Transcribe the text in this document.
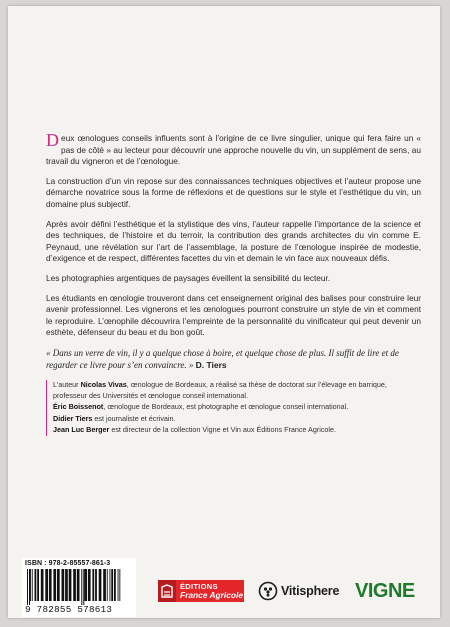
Deux œnologues conseils influents sont à l’origine de ce livre singulier, unique qui fera faire un « pas de côté » au lecteur pour découvrir une approche nouvelle du vin, un supplément de sens, au travail du vigneron et de l’œnologue.

La construction d’un vin repose sur des connaissances techniques objectives et l’auteur propose une démarche novatrice sous la forme de réflexions et de questions sur le style et l’esthétique du vin, un domaine plus subjectif.

Après avoir défini l’esthétique et la stylistique des vins, l’auteur rappelle l’importance de la science et des techniques, de l’histoire et du terroir, la contribution des grands architectes du vin comme E. Peynaud, une révélation sur l’art de l’assemblage, la posture de l’œnologue inspirée de modestie, d’exigence et de respect, différentes facettes du vin et demain le vin face aux nouveaux défis.

Les photographies argentiques de paysages éveillent la sensibilité du lecteur.

Les étudiants en œnologie trouveront dans cet enseignement original des balises pour construire leur avenir professionnel. Les vignerons et les œnologues pourront construire un style de vin et comment le reproduire. L’œnophile découvrira l’empreinte de la personnalité du vinificateur qui peut devenir un esthète, défenseur du beau et du bon goût.

« Dans un verre de vin, il y a quelque chose à boire, et quelque chose de plus. Il suffit de lire et de regarder ce livre pour s’en convaincre. » D. Tiers
L’auteur Nicolas Vivas, œnologue de Bordeaux, a réalisé sa thèse de doctorat sur l’élevage en barrique, professeur des Universités et œnologue conseil international.
Éric Boissenot, œnologue de Bordeaux, est photographe et œnologue conseil international.
Didier Tiers est journaliste et écrivain.
Jean Luc Berger est directeur de la collection Vigne et Vin aux Éditions France Agricole.
ISBN : 978-2-85557-861-3
9 782855 578613
ÉDITIONS
France Agricole	Vitisphere VIGNE
